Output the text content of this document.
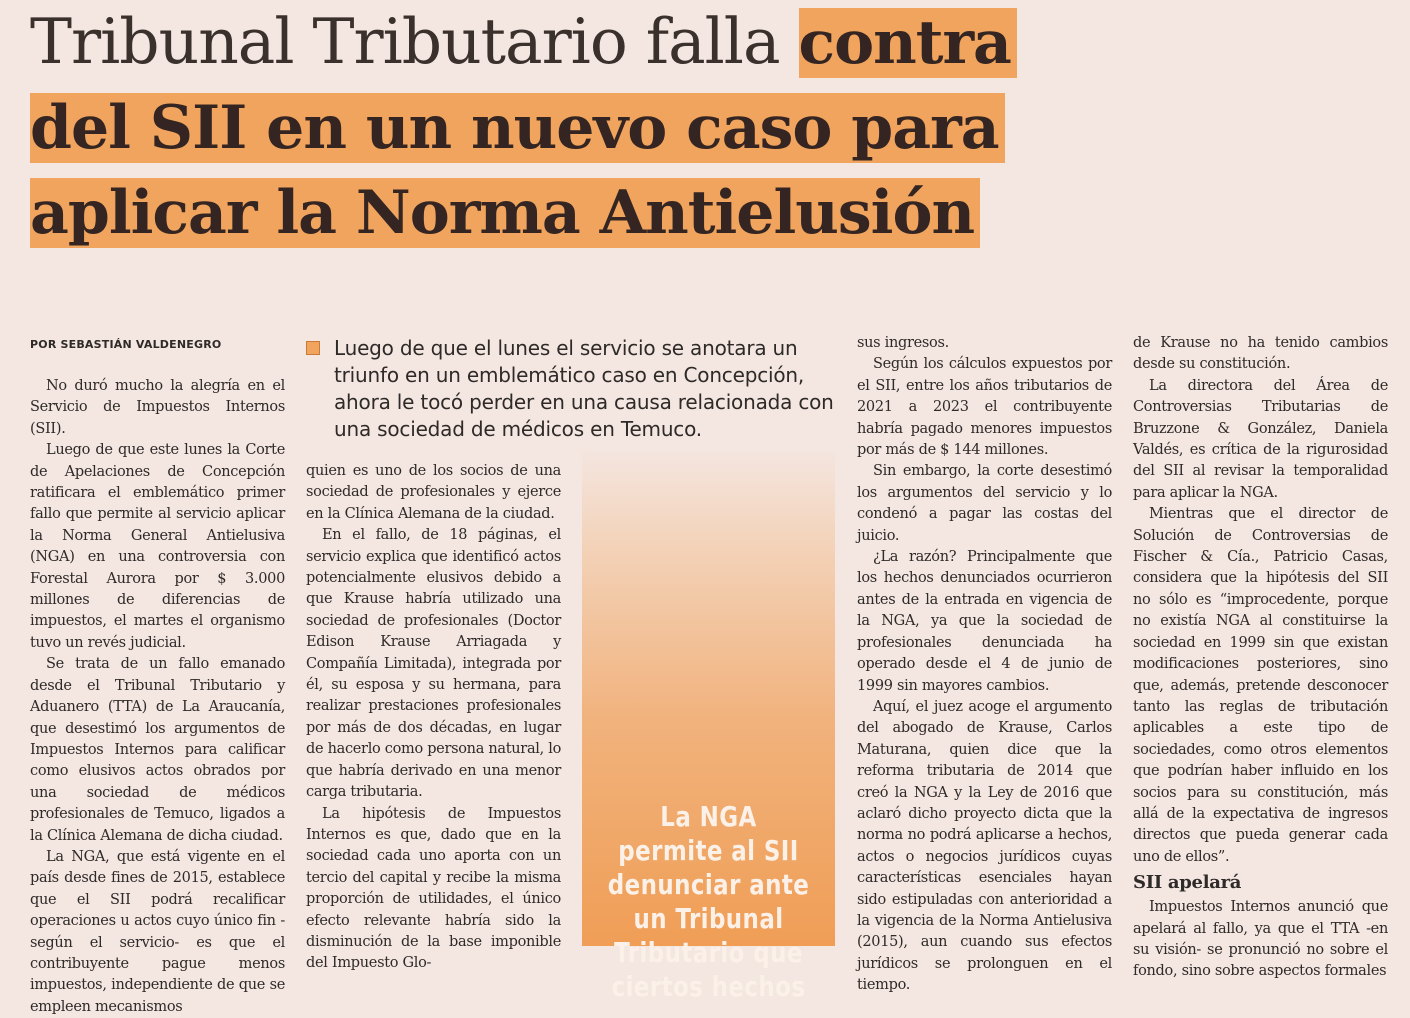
Tribunal Tributario falla contra del SII en un nuevo caso para aplicar la Norma Antielusión
POR SEBASTIÁN VALDENEGRO	Luego de que el lunes el servicio se anotara un triunfo en un emblemático caso en Concepción, ahora le tocó perder en una causa relacionada con una sociedad de médicos en Temuco.
La NGA permite al SII denunciar ante un Tribunal Tributario que ciertos hechos

No duró mucho la alegría en el Servicio de Impuestos Internos (SII).

Luego de que este lunes la Corte de Apelaciones de Concepción ratificara el emblemático primer fallo que permite al servicio aplicar la Norma General Antielusiva (NGA) en una controversia con Forestal Aurora por $ 3.000 millones de diferencias de impuestos, el martes el organismo tuvo un revés judicial.

Se trata de un fallo emanado desde el Tribunal Tributario y Aduanero (TTA) de La Araucanía, que desestimó los argumentos de Impuestos Internos para calificar como elusivos actos obrados por una sociedad de médicos profesionales de Temuco, ligados a la Clínica Alemana de dicha ciudad.

La NGA, que está vigente en el país desde fines de 2015, establece que el SII podrá recalificar operaciones u actos cuyo único fin -según el servicio- es que el contribuyente pague menos impuestos, independiente de que se empleen mecanismos

quien es uno de los socios de una sociedad de profesionales y ejerce en la Clínica Alemana de la ciudad.

En el fallo, de 18 páginas, el servicio explica que identificó actos potencialmente elusivos debido a que Krause habría utilizado una sociedad de profesionales (Doctor Edison Krause Arriagada y Compañía Limitada), integrada por él, su esposa y su hermana, para realizar prestaciones profesionales por más de dos décadas, en lugar de hacerlo como persona natural, lo que habría derivado en una menor carga tributaria.

La hipótesis de Impuestos Internos es que, dado que en la sociedad cada uno aporta con un tercio del capital y recibe la misma proporción de utilidades, el único efecto relevante habría sido la disminución de la base imponible del Impuesto Glo-

sus ingresos.

Según los cálculos expuestos por el SII, entre los años tributarios de 2021 a 2023 el contribuyente habría pagado menores impuestos por más de $ 144 millones.

Sin embargo, la corte desestimó los argumentos del servicio y lo condenó a pagar las costas del juicio.

¿La razón? Principalmente que los hechos denunciados ocurrieron antes de la entrada en vigencia de la NGA, ya que la sociedad de profesionales denunciada ha operado desde el 4 de junio de 1999 sin mayores cambios.

Aquí, el juez acoge el argumento del abogado de Krause, Carlos Maturana, quien dice que la reforma tributaria de 2014 que creó la NGA y la Ley de 2016 que aclaró dicho proyecto dicta que la norma no podrá aplicarse a hechos, actos o negocios jurídicos cuyas características esenciales hayan sido estipuladas con anterioridad a la vigencia de la Norma Antielusiva (2015), aun cuando sus efectos jurídicos se prolonguen en el tiempo.

de Krause no ha tenido cambios desde su constitución.

La directora del Área de Controversias Tributarias de Bruzzone & González, Daniela Valdés, es crítica de la rigurosidad del SII al revisar la temporalidad para aplicar la NGA.

Mientras que el director de Solución de Controversias de Fischer & Cía., Patricio Casas, considera que la hipótesis del SII no sólo es “improcedente, porque no existía NGA al constituirse la sociedad en 1999 sin que existan modificaciones posteriores, sino que, además, pretende desconocer tanto las reglas de tributación aplicables a este tipo de sociedades, como otros elementos que podrían haber influido en los socios para su constitución, más allá de la expectativa de ingresos directos que pueda generar cada uno de ellos”.

SII apelará

Impuestos Internos anunció que apelará al fallo, ya que el TTA -en su visión- se pronunció no sobre el fondo, sino sobre aspectos formales
